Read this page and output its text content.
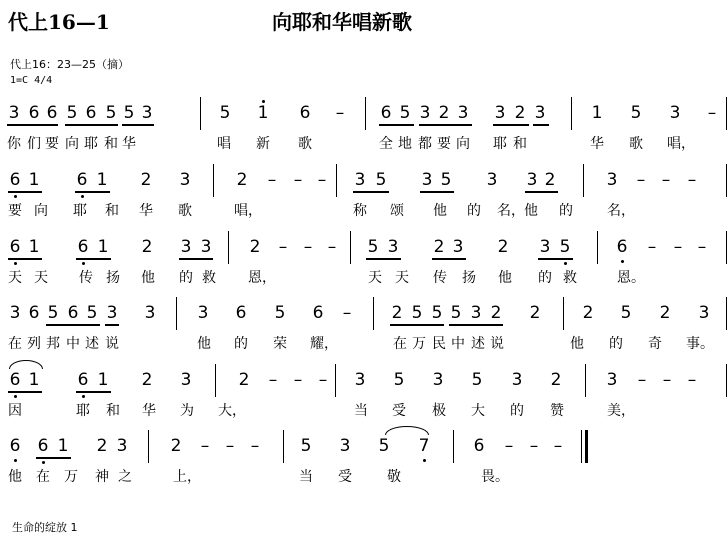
代上16—1	向耶和华唱新歌
代上16：23—25（摘）
1=C 4/4
3 6 6 5 6 5 5 3	5 1 6 – 6 5 3 2 3 3 2 3	1 5 3 –
你 们 要 向 耶 和 华	唱 新 歌	全 地 都 要 向 耶 和	华 歌 唱，
6 1 6 1 2 3	2 – – – 3 5 3 5 3 3 2	3 – – –
要 向 耶 和 华 歌	唱，	称 颂 他 的 名， 他 的 名，
6 1 6 1 2 3 3 2 – – – 5 3 2 3 2 3 5	6 – – –
天 天 传 扬 他 的 救 恩，	天 天 传 扬 他 的 救	恩。
3 6 5 6 5 3 3 3 6 5 6 – 2 5 5 5 3 2 2 2 5 2 3
在 列 邦 中 述 说	他 的 荣 耀，	在 万 民 中 述 说	他 的 奇 事。
6 1 6 1 2 3	2 – – – 3 5 3 5 3 2	3 – – –
因	耶 和 华 为 大，	当 受 极 大 的 赞	美，
6 6 1 2 3	2 – – – 5 3 5 7	6 – – –
他 在 万 神 之	上，	当 受	敬	畏。
生命的绽放 1
